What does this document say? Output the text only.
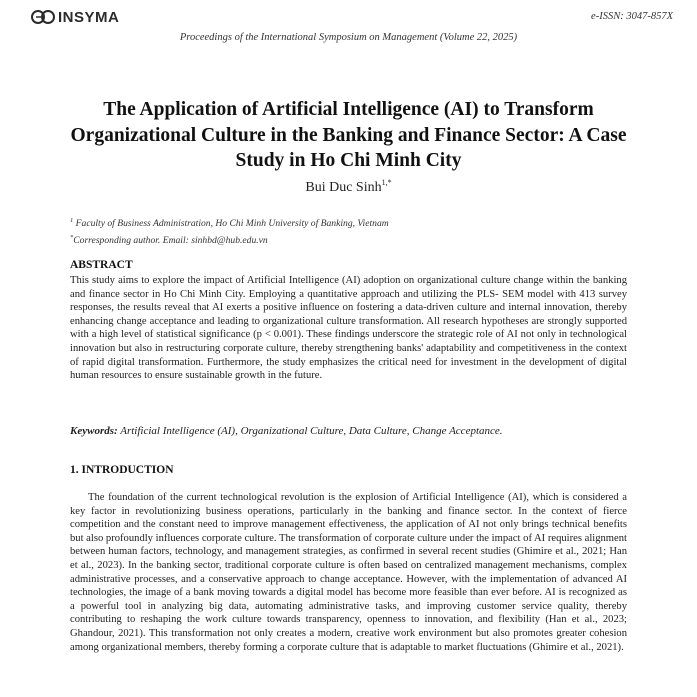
INSYMA	e-ISSN: 3047-857X
Proceedings of the International Symposium on Management (Volume 22, 2025)
The Application of Artificial Intelligence (AI) to Transform Organizational Culture in the Banking and Finance Sector: A Case Study in Ho Chi Minh City
Bui Duc Sinh$^{1,*}$
$^1$ Faculty of Business Administration, Ho Chi Minh University of Banking, Vietnam
*Corresponding author. Email: sinhbd@hub.edu.vn
ABSTRACT
This study aims to explore the impact of Artificial Intelligence (AI) adoption on organizational culture change within the banking and finance sector in Ho Chi Minh City. Employing a quantitative approach and utilizing the PLS- SEM model with 413 survey responses, the results reveal that AI exerts a positive influence on fostering a data-driven culture and internal innovation, thereby enhancing change acceptance and leading to organizational culture transformation. All research hypotheses are strongly supported with a high level of statistical significance (p < 0.001). These findings underscore the strategic role of AI not only in technological innovation but also in restructuring corporate culture, thereby strengthening banks' adaptability and competitiveness in the context of rapid digital transformation. Furthermore, the study emphasizes the critical need for investment in the development of digital human resources to ensure sustainable growth in the future.
Keywords: Artificial Intelligence (AI), Organizational Culture, Data Culture, Change Acceptance.
1. INTRODUCTION
The foundation of the current technological revolution is the explosion of Artificial Intelligence (AI), which is considered a key factor in revolutionizing business operations, particularly in the banking and finance sector. In the context of fierce competition and the constant need to improve management effectiveness, the application of AI not only brings technical benefits but also profoundly influences corporate culture. The transformation of corporate culture under the impact of AI requires alignment between human factors, technology, and management strategies, as confirmed in several recent studies (Ghimire et al., 2021; Han et al., 2023). In the banking sector, traditional corporate culture is often based on centralized management mechanisms, complex administrative processes, and a conservative approach to change acceptance. However, with the implementation of advanced AI technologies, the image of a bank moving towards a digital model has become more feasible than ever before. AI is recognized as a powerful tool in analyzing big data, automating administrative tasks, and improving customer service quality, thereby contributing to reshaping the work culture towards transparency, openness to innovation, and flexibility (Han et al., 2023; Ghandour, 2021). This transformation not only creates a modern, creative work environment but also promotes greater cohesion among organizational members, thereby forming a corporate culture that is adaptable to market fluctuations (Ghimire et al., 2021).
